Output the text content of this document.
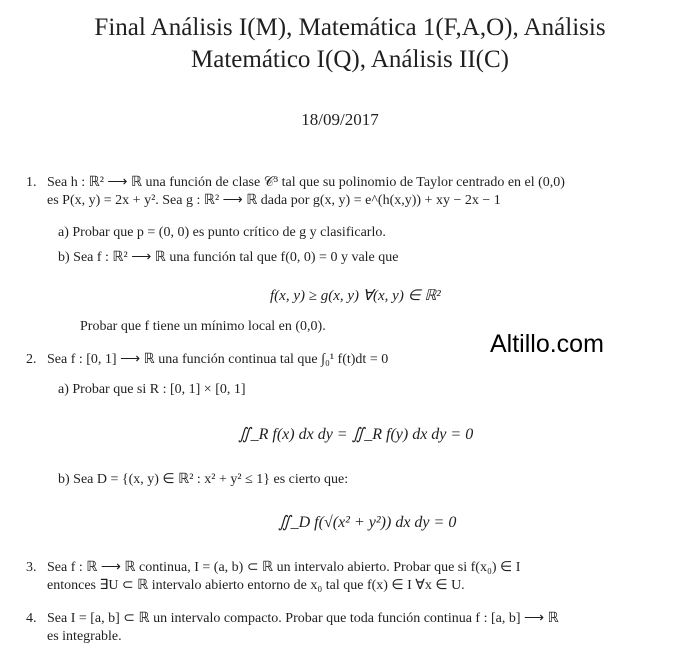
Final Análisis I(M), Matemática 1(F,A,O), Análisis
Matemático I(Q), Análisis II(C)
18/09/2017
1. Sea h : ℝ² ⟶ ℝ una función de clase 𝒞³ tal que su polinomio de Taylor centrado en el (0,0)
es P(x, y) = 2x + y². Sea g : ℝ² ⟶ ℝ dada por g(x, y) = e^(h(x,y)) + xy − 2x − 1
a) Probar que p = (0, 0) es punto crítico de g y clasificarlo.
b) Sea f : ℝ² ⟶ ℝ una función tal que f(0, 0) = 0 y vale que
f(x, y) ≥ g(x, y) ∀(x, y) ∈ ℝ²
Probar que f tiene un mínimo local en (0,0).
Altillo.com
2. Sea f : [0, 1] ⟶ ℝ una función continua tal que ∫₀¹ f(t)dt = 0
a) Probar que si R : [0, 1] × [0, 1]
∬_R f(x) dx dy = ∬_R f(y) dx dy = 0
b) Sea D = {(x, y) ∈ ℝ² : x² + y² ≤ 1} es cierto que:
∬_D f(√(x² + y²)) dx dy = 0
3. Sea f : ℝ ⟶ ℝ continua, I = (a, b) ⊂ ℝ un intervalo abierto. Probar que si f(x₀) ∈ I
entonces ∃U ⊂ ℝ intervalo abierto entorno de x₀ tal que f(x) ∈ I ∀x ∈ U.
4. Sea I = [a, b] ⊂ ℝ un intervalo compacto. Probar que toda función continua f : [a, b] ⟶ ℝ
es integrable.
